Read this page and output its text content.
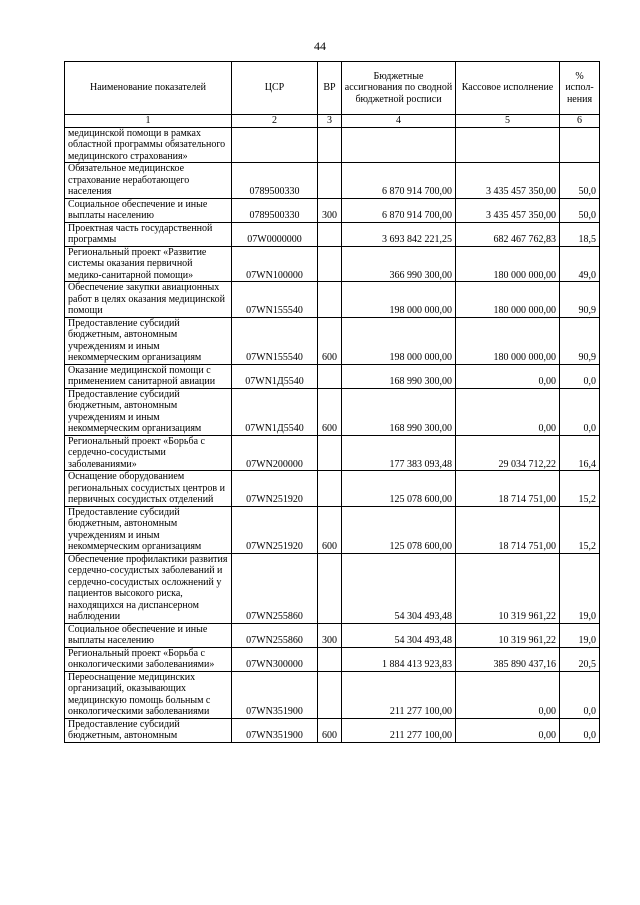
44
Наименование показателей	ЦСР	ВР	Бюджетные ассигнования по сводной бюджетной росписи	Кассовое исполнение	% испол-нения
1	2	3	4	5	6
медицинской помощи в рамках областной программы обязательного медицинского страхования»					
Обязательное медицинское страхование неработающего населения	0789500330		6 870 914 700,00	3 435 457 350,00	50,0
Социальное обеспечение и иные выплаты населению	0789500330	300	6 870 914 700,00	3 435 457 350,00	50,0
Проектная часть государственной программы	07W0000000		3 693 842 221,25	682 467 762,83	18,5
Региональный проект «Развитие системы оказания первичной медико-санитарной помощи»	07WN100000		366 990 300,00	180 000 000,00	49,0
Обеспечение закупки авиационных работ в целях оказания медицинской помощи	07WN155540		198 000 000,00	180 000 000,00	90,9
Предоставление субсидий бюджетным, автономным учреждениям и иным некоммерческим организациям	07WN155540	600	198 000 000,00	180 000 000,00	90,9
Оказание медицинской помощи с применением санитарной авиации	07WN1Д5540		168 990 300,00	0,00	0,0
Предоставление субсидий бюджетным, автономным учреждениям и иным некоммерческим организациям	07WN1Д5540	600	168 990 300,00	0,00	0,0
Региональный проект «Борьба с сердечно-сосудистыми заболеваниями»	07WN200000		177 383 093,48	29 034 712,22	16,4
Оснащение оборудованием региональных сосудистых центров и первичных сосудистых отделений	07WN251920		125 078 600,00	18 714 751,00	15,2
Предоставление субсидий бюджетным, автономным учреждениям и иным некоммерческим организациям	07WN251920	600	125 078 600,00	18 714 751,00	15,2
Обеспечение профилактики развития сердечно-сосудистых заболеваний и сердечно-сосудистых осложнений у пациентов высокого риска, находящихся на диспансерном наблюдении	07WN255860		54 304 493,48	10 319 961,22	19,0
Социальное обеспечение и иные выплаты населению	07WN255860	300	54 304 493,48	10 319 961,22	19,0
Региональный проект «Борьба с онкологическими заболеваниями»	07WN300000		1 884 413 923,83	385 890 437,16	20,5
Переоснащение медицинских организаций, оказывающих медицинскую помощь больным с онкологическими заболеваниями	07WN351900		211 277 100,00	0,00	0,0
Предоставление субсидий бюджетным, автономным	07WN351900	600	211 277 100,00	0,00	0,0
